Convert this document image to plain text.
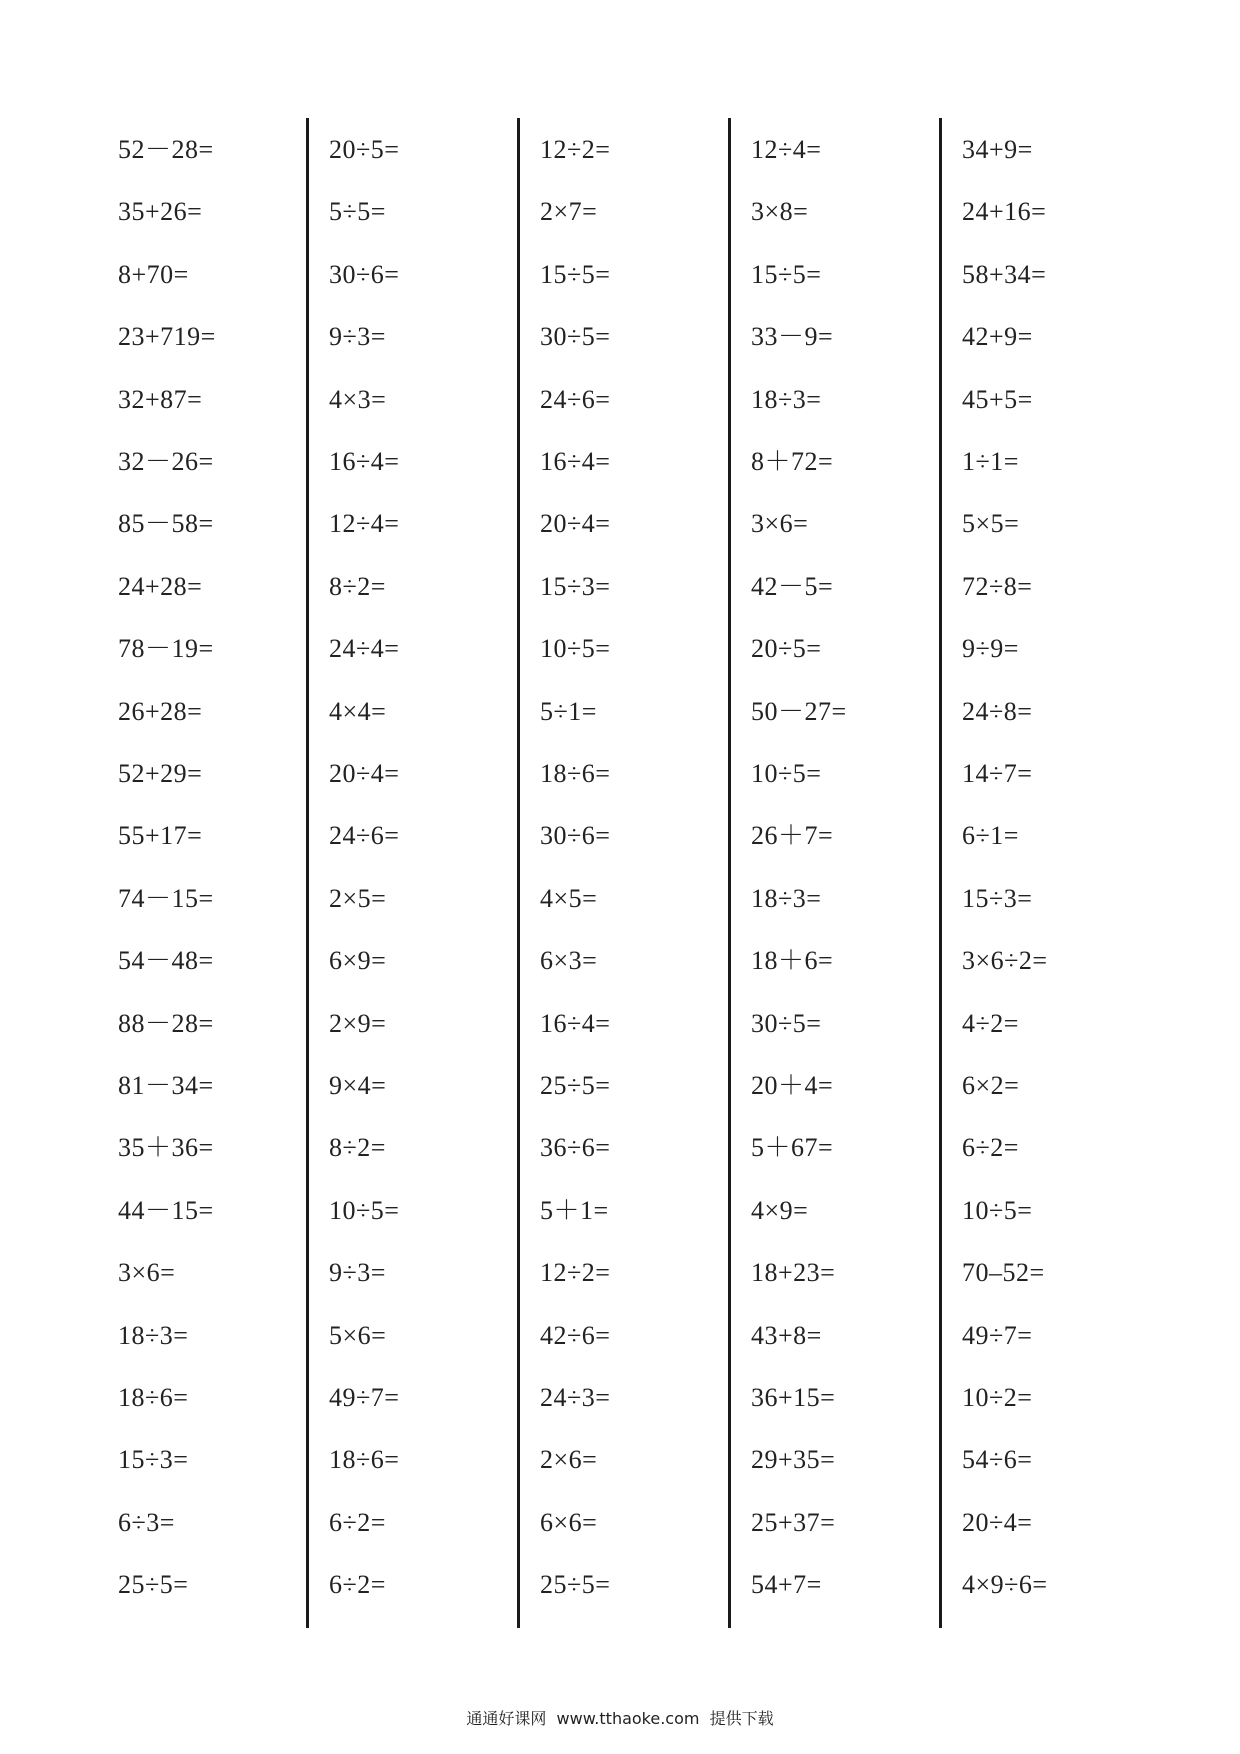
52－28=
35+26=
8+70=
23+719=
32+87=
32－26=
85－58=
24+28=
78－19=
26+28=
52+29=
55+17=
74－15=
54－48=
88－28=
81－34=
35＋36=
44－15=
3×6=
18÷3=
18÷6=
15÷3=
6÷3=
25÷5=
20÷5=
5÷5=
30÷6=
9÷3=
4×3=
16÷4=
12÷4=
8÷2=
24÷4=
4×4=
20÷4=
24÷6=
2×5=
6×9=
2×9=
9×4=
8÷2=
10÷5=
9÷3=
5×6=
49÷7=
18÷6=
6÷2=
6÷2=
12÷2=
2×7=
15÷5=
30÷5=
24÷6=
16÷4=
20÷4=
15÷3=
10÷5=
5÷1=
18÷6=
30÷6=
4×5=
6×3=
16÷4=
25÷5=
36÷6=
5＋1=
12÷2=
42÷6=
24÷3=
2×6=
6×6=
25÷5=
12÷4=
3×8=
15÷5=
33－9=
18÷3=
8＋72=
3×6=
42－5=
20÷5=
50－27=
10÷5=
26＋7=
18÷3=
18＋6=
30÷5=
20＋4=
5＋67=
4×9=
18+23=
43+8=
36+15=
29+35=
25+37=
54+7=
34+9=
24+16=
58+34=
42+9=
45+5=
1÷1=
5×5=
72÷8=
9÷9=
24÷8=
14÷7=
6÷1=
15÷3=
3×6÷2=
4÷2=
6×2=
6÷2=
10÷5=
70–52=
49÷7=
10÷2=
54÷6=
20÷4=
4×9÷6=
通通好课网  www.tthaoke.com  提供下载
